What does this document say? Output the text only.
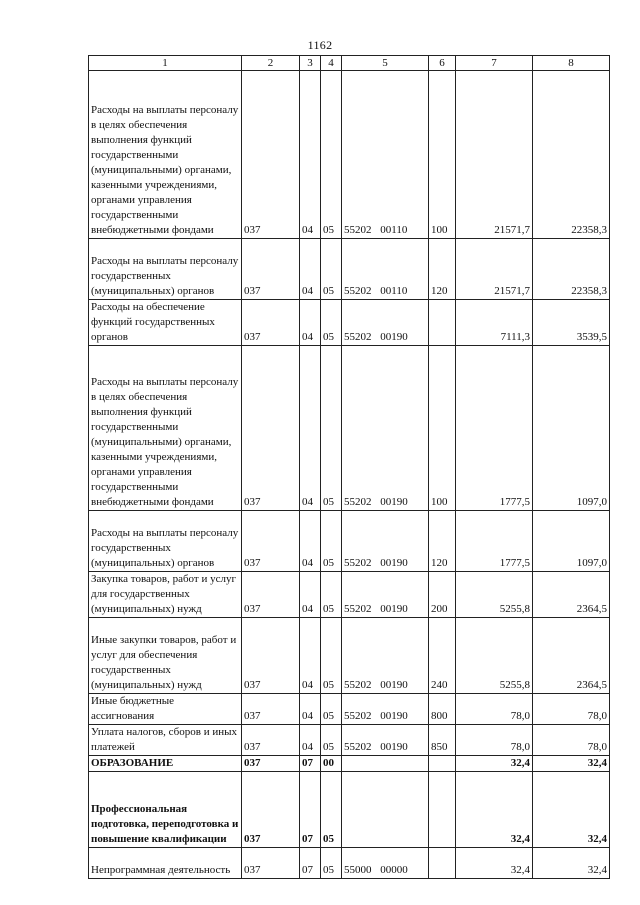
1162
1	2	3	4	5	6	7	8
Расходы на выплаты персоналу в целях обеспечения выполнения функций государственными (муниципальными) органами, казенными учреждениями, органами управления государственными внебюджетными фондами	037	04	05	55202 00110	100	21571,7	22358,3
Расходы на выплаты персоналу государственных (муниципальных) органов	037	04	05	55202 00110	120	21571,7	22358,3
Расходы на обеспечение функций государственных органов	037	04	05	55202 00190		7111,3	3539,5
Расходы на выплаты персоналу в целях обеспечения выполнения функций государственными (муниципальными) органами, казенными учреждениями, органами управления государственными внебюджетными фондами	037	04	05	55202 00190	100	1777,5	1097,0
Расходы на выплаты персоналу государственных (муниципальных) органов	037	04	05	55202 00190	120	1777,5	1097,0
Закупка товаров, работ и услуг для государственных (муниципальных) нужд	037	04	05	55202 00190	200	5255,8	2364,5
Иные закупки товаров, работ и услуг для обеспечения государственных (муниципальных) нужд	037	04	05	55202 00190	240	5255,8	2364,5
Иные бюджетные ассигнования	037	04	05	55202 00190	800	78,0	78,0
Уплата налогов, сборов и иных платежей	037	04	05	55202 00190	850	78,0	78,0
ОБРАЗОВАНИЕ	037	07	00			32,4	32,4
Профессиональная подготовка, переподготовка и повышение квалификации	037	07	05			32,4	32,4
Непрограммная деятельность	037	07	05	55000 00000		32,4	32,4
